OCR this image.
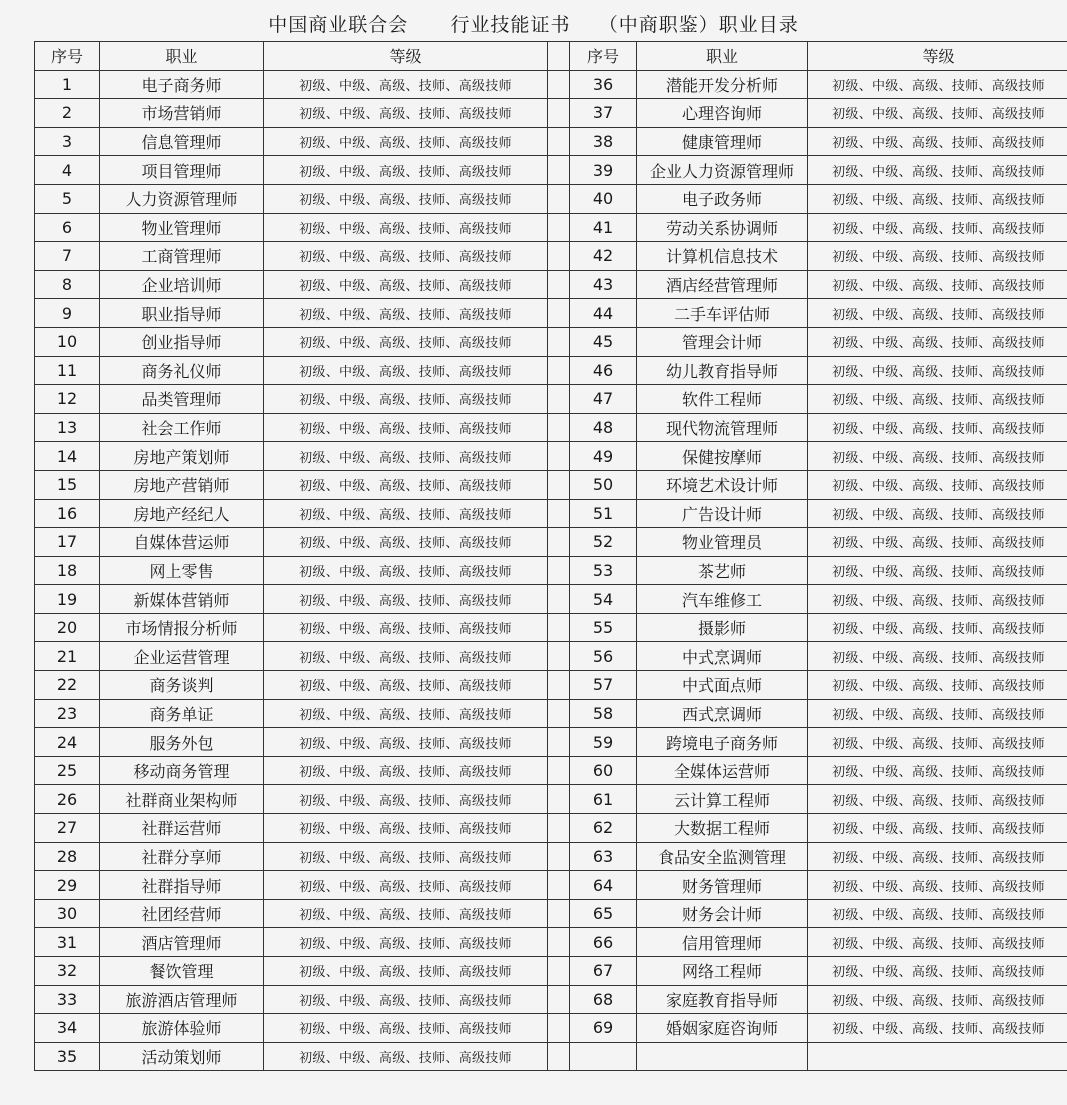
中国商业联合会      行业技能证书    （中商职鉴）职业目录
序号	职业	等级		序号	职业	等级
1	电子商务师	初级、中级、高级、技师、高级技师		36	潜能开发分析师	初级、中级、高级、技师、高级技师
2	市场营销师	初级、中级、高级、技师、高级技师		37	心理咨询师	初级、中级、高级、技师、高级技师
3	信息管理师	初级、中级、高级、技师、高级技师		38	健康管理师	初级、中级、高级、技师、高级技师
4	项目管理师	初级、中级、高级、技师、高级技师		39	企业人力资源管理师	初级、中级、高级、技师、高级技师
5	人力资源管理师	初级、中级、高级、技师、高级技师		40	电子政务师	初级、中级、高级、技师、高级技师
6	物业管理师	初级、中级、高级、技师、高级技师		41	劳动关系协调师	初级、中级、高级、技师、高级技师
7	工商管理师	初级、中级、高级、技师、高级技师		42	计算机信息技术	初级、中级、高级、技师、高级技师
8	企业培训师	初级、中级、高级、技师、高级技师		43	酒店经营管理师	初级、中级、高级、技师、高级技师
9	职业指导师	初级、中级、高级、技师、高级技师		44	二手车评估师	初级、中级、高级、技师、高级技师
10	创业指导师	初级、中级、高级、技师、高级技师		45	管理会计师	初级、中级、高级、技师、高级技师
11	商务礼仪师	初级、中级、高级、技师、高级技师		46	幼儿教育指导师	初级、中级、高级、技师、高级技师
12	品类管理师	初级、中级、高级、技师、高级技师		47	软件工程师	初级、中级、高级、技师、高级技师
13	社会工作师	初级、中级、高级、技师、高级技师		48	现代物流管理师	初级、中级、高级、技师、高级技师
14	房地产策划师	初级、中级、高级、技师、高级技师		49	保健按摩师	初级、中级、高级、技师、高级技师
15	房地产营销师	初级、中级、高级、技师、高级技师		50	环境艺术设计师	初级、中级、高级、技师、高级技师
16	房地产经纪人	初级、中级、高级、技师、高级技师		51	广告设计师	初级、中级、高级、技师、高级技师
17	自媒体营运师	初级、中级、高级、技师、高级技师		52	物业管理员	初级、中级、高级、技师、高级技师
18	网上零售	初级、中级、高级、技师、高级技师		53	茶艺师	初级、中级、高级、技师、高级技师
19	新媒体营销师	初级、中级、高级、技师、高级技师		54	汽车维修工	初级、中级、高级、技师、高级技师
20	市场情报分析师	初级、中级、高级、技师、高级技师		55	摄影师	初级、中级、高级、技师、高级技师
21	企业运营管理	初级、中级、高级、技师、高级技师		56	中式烹调师	初级、中级、高级、技师、高级技师
22	商务谈判	初级、中级、高级、技师、高级技师		57	中式面点师	初级、中级、高级、技师、高级技师
23	商务单证	初级、中级、高级、技师、高级技师		58	西式烹调师	初级、中级、高级、技师、高级技师
24	服务外包	初级、中级、高级、技师、高级技师		59	跨境电子商务师	初级、中级、高级、技师、高级技师
25	移动商务管理	初级、中级、高级、技师、高级技师		60	全媒体运营师	初级、中级、高级、技师、高级技师
26	社群商业架构师	初级、中级、高级、技师、高级技师		61	云计算工程师	初级、中级、高级、技师、高级技师
27	社群运营师	初级、中级、高级、技师、高级技师		62	大数据工程师	初级、中级、高级、技师、高级技师
28	社群分享师	初级、中级、高级、技师、高级技师		63	食品安全监测管理	初级、中级、高级、技师、高级技师
29	社群指导师	初级、中级、高级、技师、高级技师		64	财务管理师	初级、中级、高级、技师、高级技师
30	社团经营师	初级、中级、高级、技师、高级技师		65	财务会计师	初级、中级、高级、技师、高级技师
31	酒店管理师	初级、中级、高级、技师、高级技师		66	信用管理师	初级、中级、高级、技师、高级技师
32	餐饮管理	初级、中级、高级、技师、高级技师		67	网络工程师	初级、中级、高级、技师、高级技师
33	旅游酒店管理师	初级、中级、高级、技师、高级技师		68	家庭教育指导师	初级、中级、高级、技师、高级技师
34	旅游体验师	初级、中级、高级、技师、高级技师		69	婚姻家庭咨询师	初级、中级、高级、技师、高级技师
35	活动策划师	初级、中级、高级、技师、高级技师				
